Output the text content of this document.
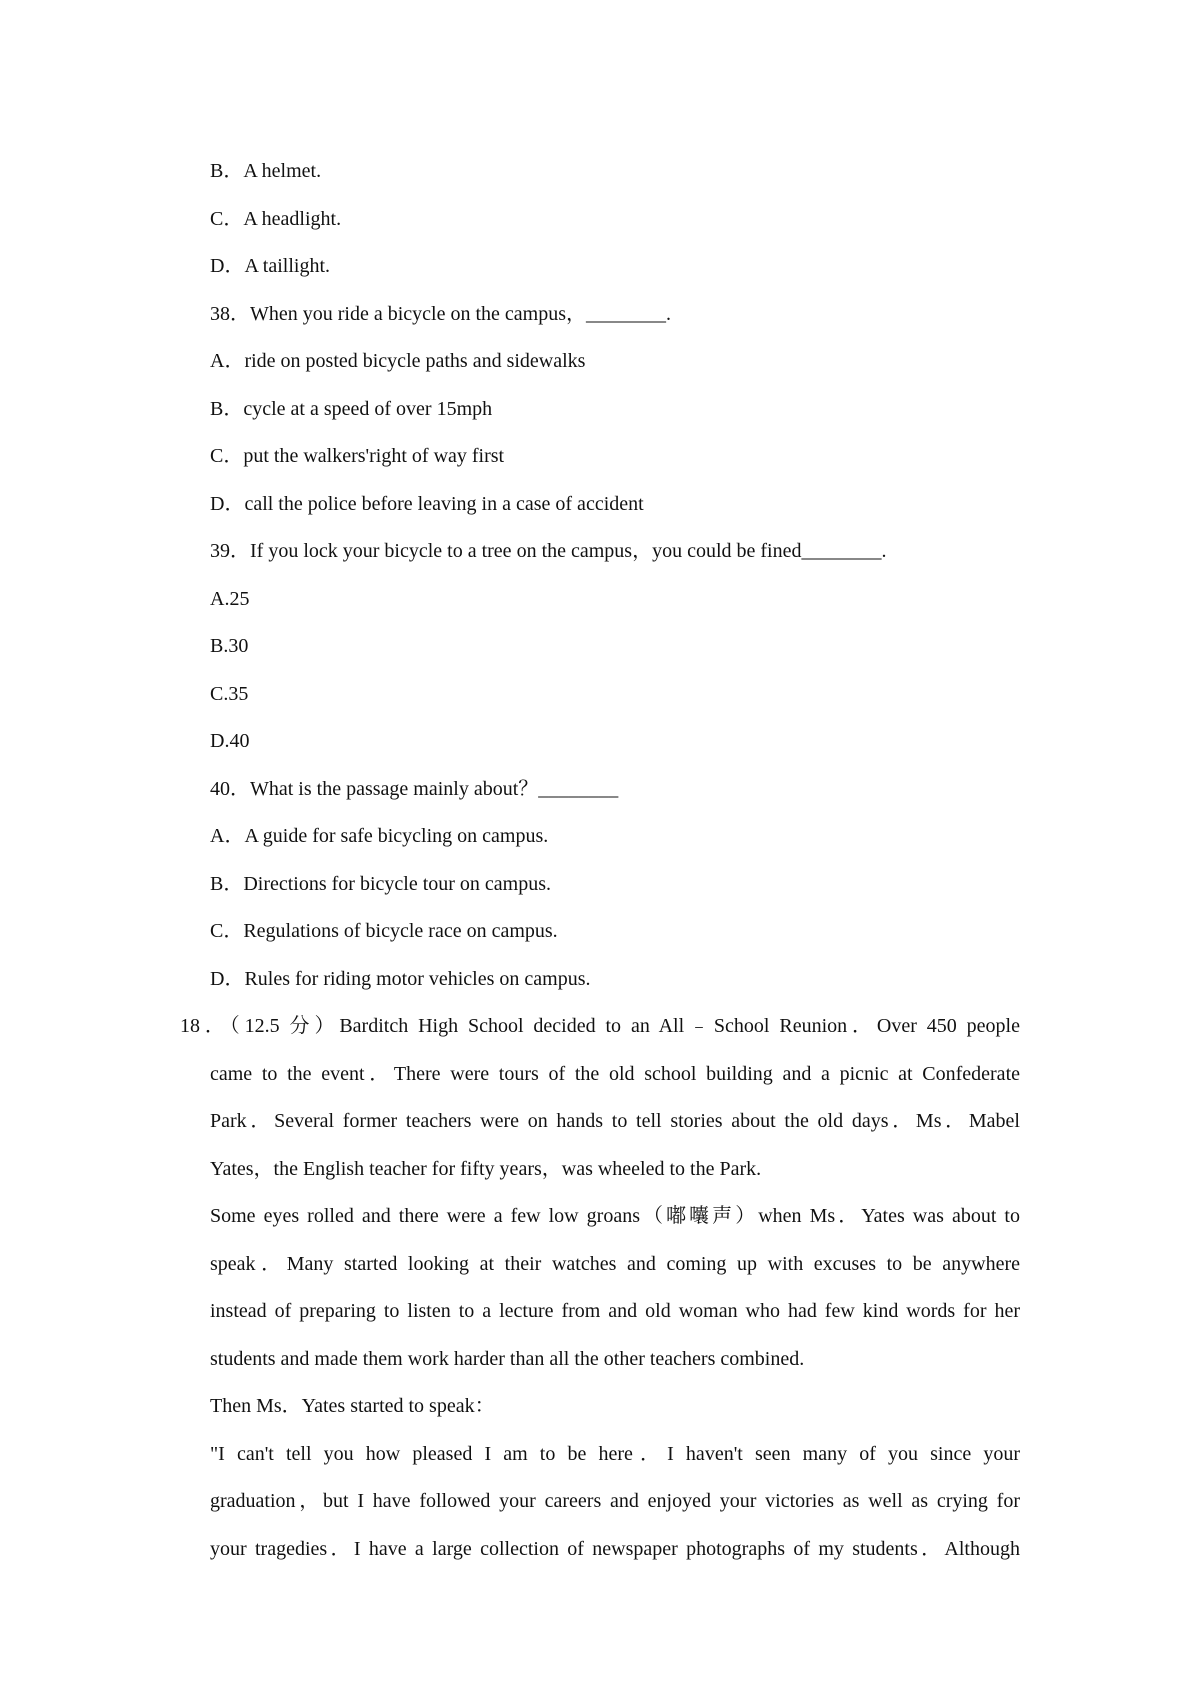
B．A helmet.
C．A headlight.
D．A taillight.
38．When you ride a bicycle on the campus，________.
A．ride on posted bicycle paths and sidewalks
B．cycle at a speed of over 15mph
C．put the walkers'right of way first
D．call the police before leaving in a case of accident
39．If you lock your bicycle to a tree on the campus，you could be fined________.
A.25
B.30
C.35
D.40
40．What is the passage mainly about？________
A．A guide for safe bicycling on campus.
B．Directions for bicycle tour on campus.
C．Regulations of bicycle race on campus.
D．Rules for riding motor vehicles on campus.
18．（12.5 分）Barditch High School decided to an All﹣School Reunion．Over 450 people
came to the event．There were tours of the old school building and a picnic at Confederate
Park．Several former teachers were on hands to tell stories about the old days．Ms．Mabel
Yates，the English teacher for fifty years，was wheeled to the Park.
Some eyes rolled and there were a few low groans（嘟囔声）when Ms．Yates was about to
speak．Many started looking at their watches and coming up with excuses to be anywhere
instead of preparing to listen to a lecture from and old woman who had few kind words for her
students and made them work harder than all the other teachers combined.
Then Ms．Yates started to speak：
"I can't tell you how pleased I am to be here．I haven't seen many of you since your
graduation，but I have followed your careers and enjoyed your victories as well as crying for
your tragedies．I have a large collection of newspaper photographs of my students．Although
